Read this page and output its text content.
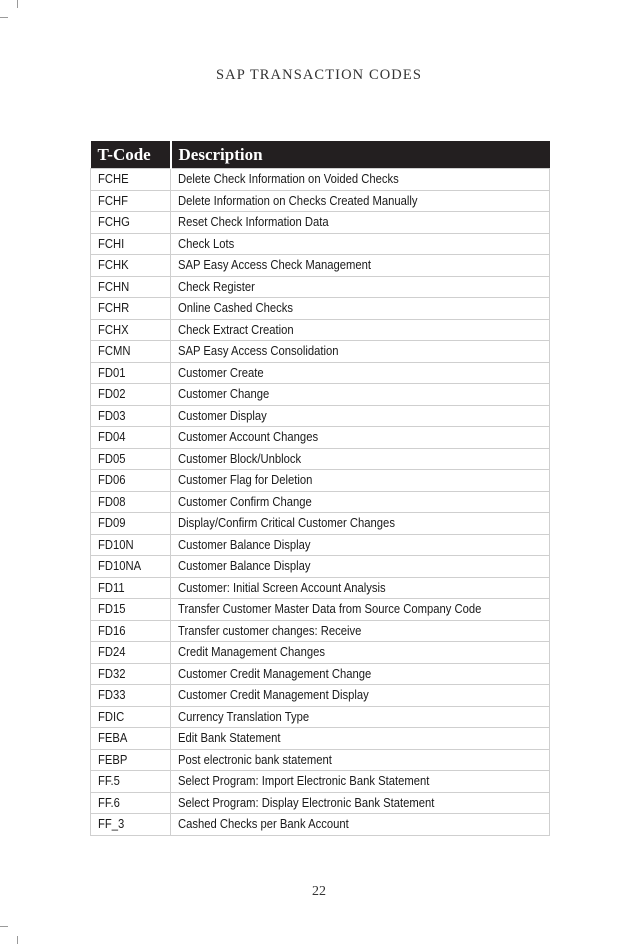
SAP TRANSACTION CODES
T-Code	Description
FCHE	Delete Check Information on Voided Checks
FCHF	Delete Information on Checks Created Manually
FCHG	Reset Check Information Data
FCHI	Check Lots
FCHK	SAP Easy Access Check Management
FCHN	Check Register
FCHR	Online Cashed Checks
FCHX	Check Extract Creation
FCMN	SAP Easy Access Consolidation
FD01	Customer Create
FD02	Customer Change
FD03	Customer Display
FD04	Customer Account Changes
FD05	Customer Block/Unblock
FD06	Customer Flag for Deletion
FD08	Customer Confirm Change
FD09	Display/Confirm Critical Customer Changes
FD10N	Customer Balance Display
FD10NA	Customer Balance Display
FD11	Customer: Initial Screen Account Analysis
FD15	Transfer Customer Master Data from Source Company Code
FD16	Transfer customer changes: Receive
FD24	Credit Management Changes
FD32	Customer Credit Management Change
FD33	Customer Credit Management Display
FDIC	Currency Translation Type
FEBA	Edit Bank Statement
FEBP	Post electronic bank statement
FF.5	Select Program: Import Electronic Bank Statement
FF.6	Select Program: Display Electronic Bank Statement
FF_3	Cashed Checks per Bank Account
22
